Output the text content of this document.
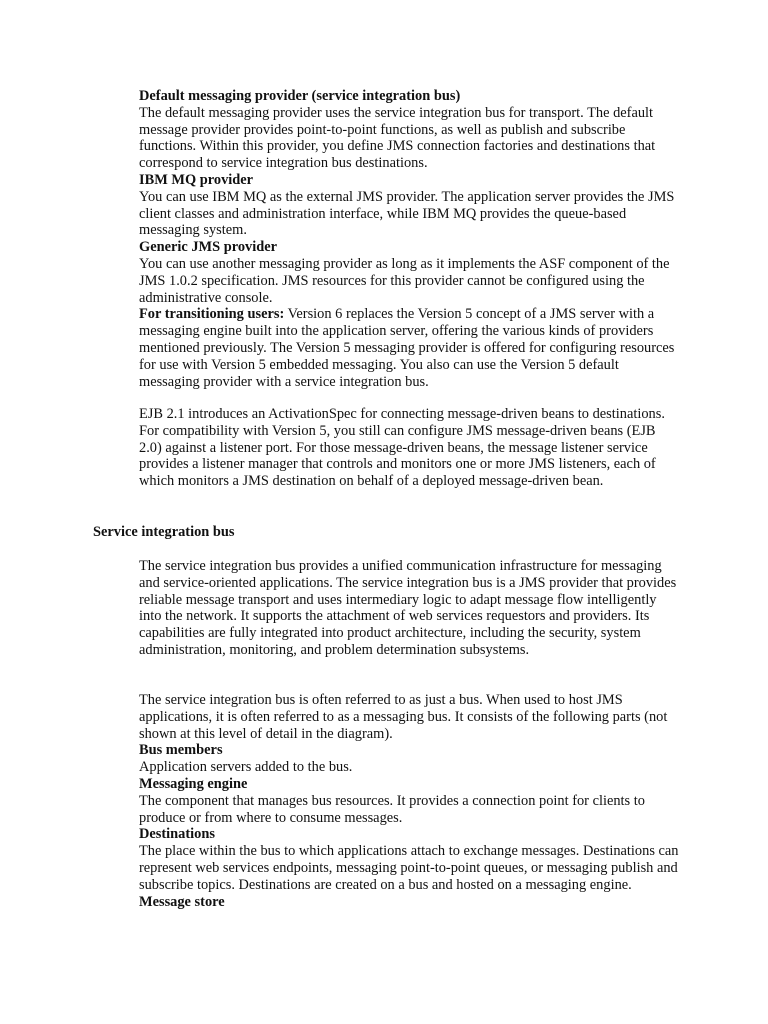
Default messaging provider (service integration bus)

The default messaging provider uses the service integration bus for transport. The default message provider provides point-to-point functions, as well as publish and subscribe functions. Within this provider, you define JMS connection factories and destinations that correspond to service integration bus destinations.

IBM MQ provider

You can use IBM MQ as the external JMS provider. The application server provides the JMS client classes and administration interface, while IBM MQ provides the queue-based messaging system.

Generic JMS provider

You can use another messaging provider as long as it implements the ASF component of the JMS 1.0.2 specification. JMS resources for this provider cannot be configured using the administrative console.

For transitioning users: Version 6 replaces the Version 5 concept of a JMS server with a messaging engine built into the application server, offering the various kinds of providers mentioned previously. The Version 5 messaging provider is offered for configuring resources for use with Version 5 embedded messaging. You also can use the Version 5 default messaging provider with a service integration bus.

EJB 2.1 introduces an ActivationSpec for connecting message-driven beans to destinations. For compatibility with Version 5, you still can configure JMS message-driven beans (EJB 2.0) against a listener port. For those message-driven beans, the message listener service provides a listener manager that controls and monitors one or more JMS listeners, each of which monitors a JMS destination on behalf of a deployed message-driven bean.

Service integration bus

The service integration bus provides a unified communication infrastructure for messaging and service-oriented applications. The service integration bus is a JMS provider that provides reliable message transport and uses intermediary logic to adapt message flow intelligently into the network. It supports the attachment of web services requestors and providers. Its capabilities are fully integrated into product architecture, including the security, system administration, monitoring, and problem determination subsystems.

The service integration bus is often referred to as just a bus. When used to host JMS applications, it is often referred to as a messaging bus. It consists of the following parts (not shown at this level of detail in the diagram).

Bus members

Application servers added to the bus.

Messaging engine

The component that manages bus resources. It provides a connection point for clients to produce or from where to consume messages.

Destinations

The place within the bus to which applications attach to exchange messages. Destinations can represent web services endpoints, messaging point-to-point queues, or messaging publish and subscribe topics. Destinations are created on a bus and hosted on a messaging engine.

Message store
